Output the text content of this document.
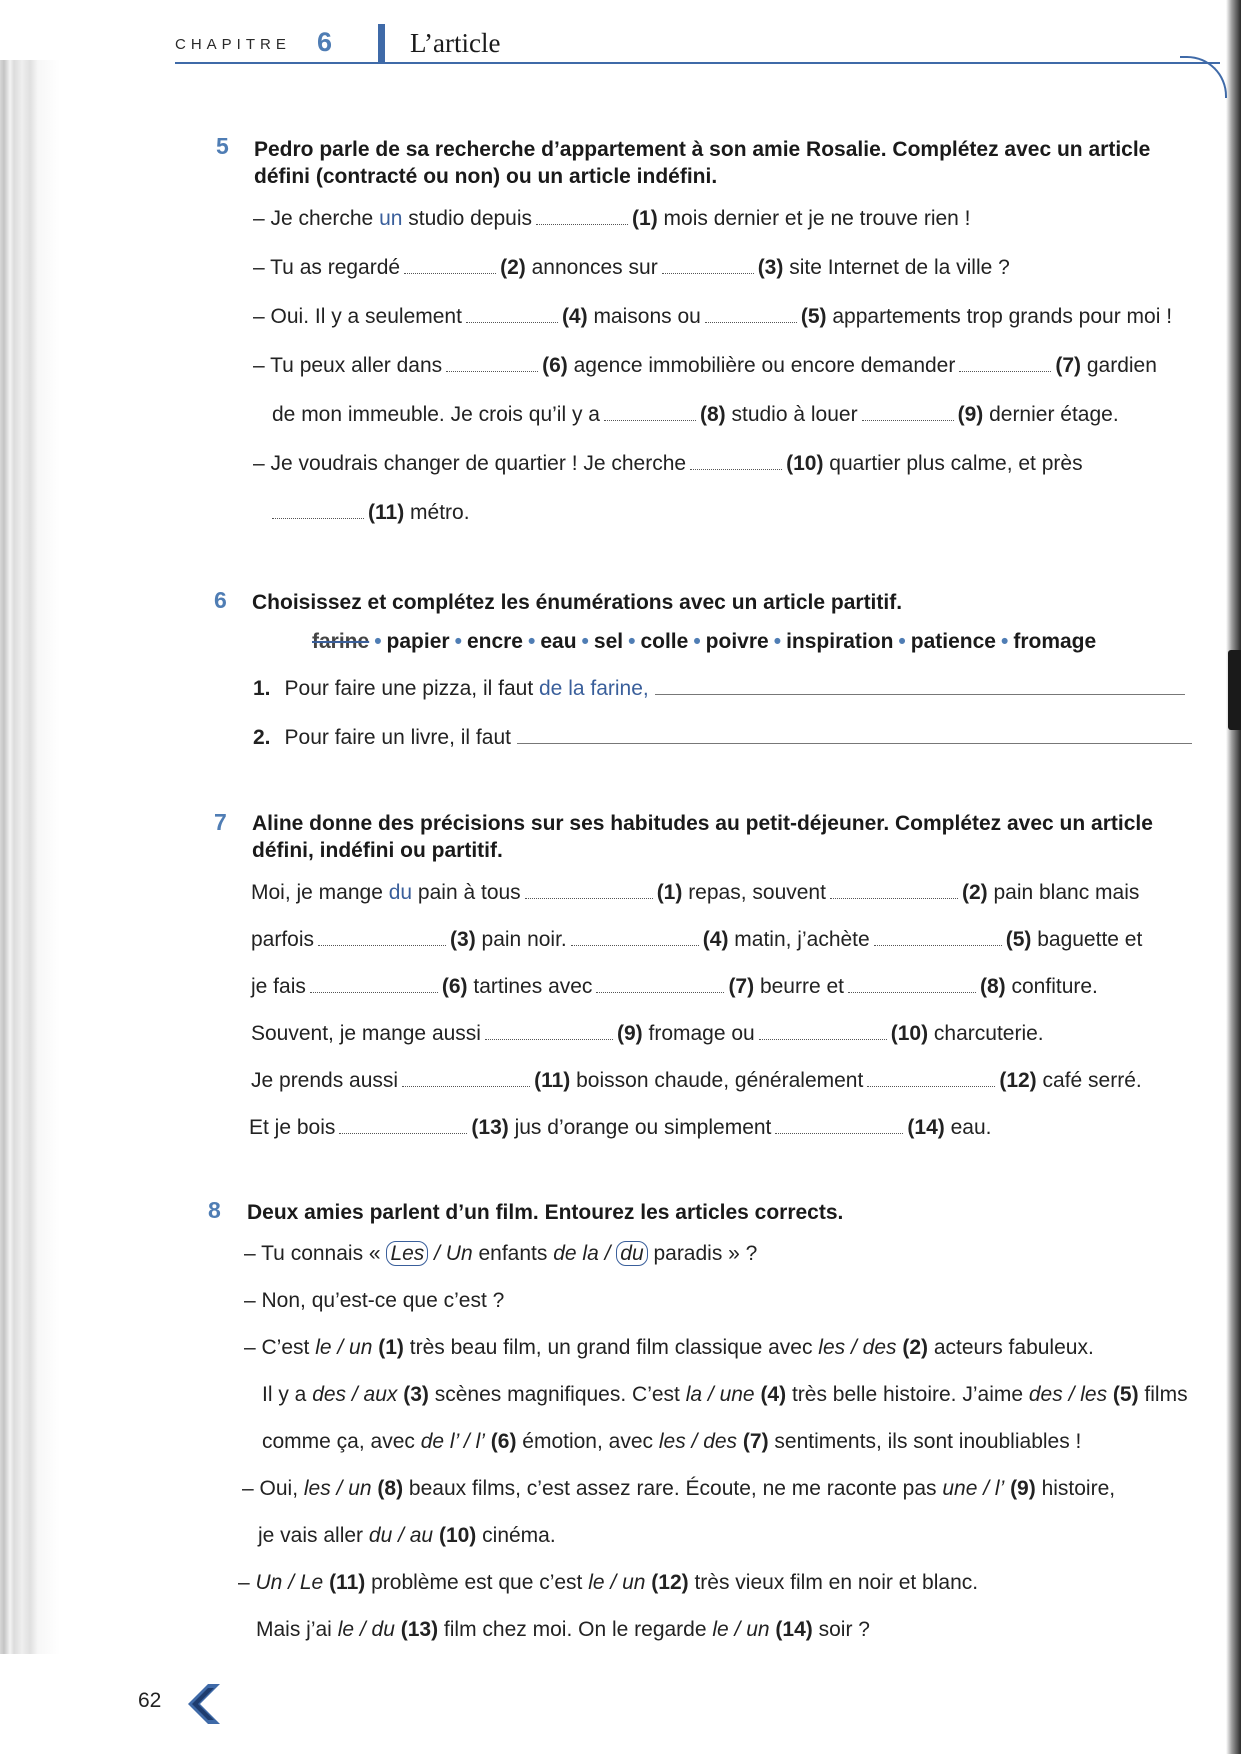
CHAPITRE 6	L’article
5 Pedro parle de sa recherche d’appartement à son amie Rosalie. Complétez avec un article défini (contracté ou non) ou un article indéfini.
– Je cherche un studio depuis	(1) mois dernier et je ne trouve rien !
– Tu as regardé	(2) annonces sur	(3) site Internet de la ville ?
– Oui. Il y a seulement	(4) maisons ou	(5) appartements trop grands pour moi !
– Tu peux aller dans	(6) agence immobilière ou encore demander	(7) gardien
de mon immeuble. Je crois qu’il y a	(8) studio à louer	(9) dernier étage.
– Je voudrais changer de quartier ! Je cherche	(10) quartier plus calme, et près
(11) métro.
6 Choisissez et complétez les énumérations avec un article partitif.
farine • papier • encre • eau • sel • colle • poivre • inspiration • patience • fromage
1. Pour faire une pizza, il faut de la farine,
2. Pour faire un livre, il faut
7 Aline donne des précisions sur ses habitudes au petit-déjeuner. Complétez avec un article défini, indéfini ou partitif.
Moi, je mange du pain à tous	(1) repas, souvent	(2) pain blanc mais
parfois	(3) pain noir.	(4) matin, j’achète	(5) baguette et
je fais	(6) tartines avec	(7) beurre et	(8) confiture.
Souvent, je mange aussi	(9) fromage ou	(10) charcuterie.
Je prends aussi	(11) boisson chaude, généralement	(12) café serré.
Et je bois	(13) jus d’orange ou simplement	(14) eau.
8 Deux amies parlent d’un film. Entourez les articles corrects.
– Tu connais « Les / Un enfants de la / du paradis » ?
– Non, qu’est-ce que c’est ?
– C’est le / un (1) très beau film, un grand film classique avec les / des (2) acteurs fabuleux.
Il y a des / aux (3) scènes magnifiques. C’est la / une (4) très belle histoire. J’aime des / les (5) films
comme ça, avec de l’ / l’ (6) émotion, avec les / des (7) sentiments, ils sont inoubliables !
– Oui, les / un (8) beaux films, c’est assez rare. Écoute, ne me raconte pas une / l’ (9) histoire,
je vais aller du / au (10) cinéma.
– Un / Le (11) problème est que c’est le / un (12) très vieux film en noir et blanc.
Mais j’ai le / du (13) film chez moi. On le regarde le / un (14) soir ?
62
